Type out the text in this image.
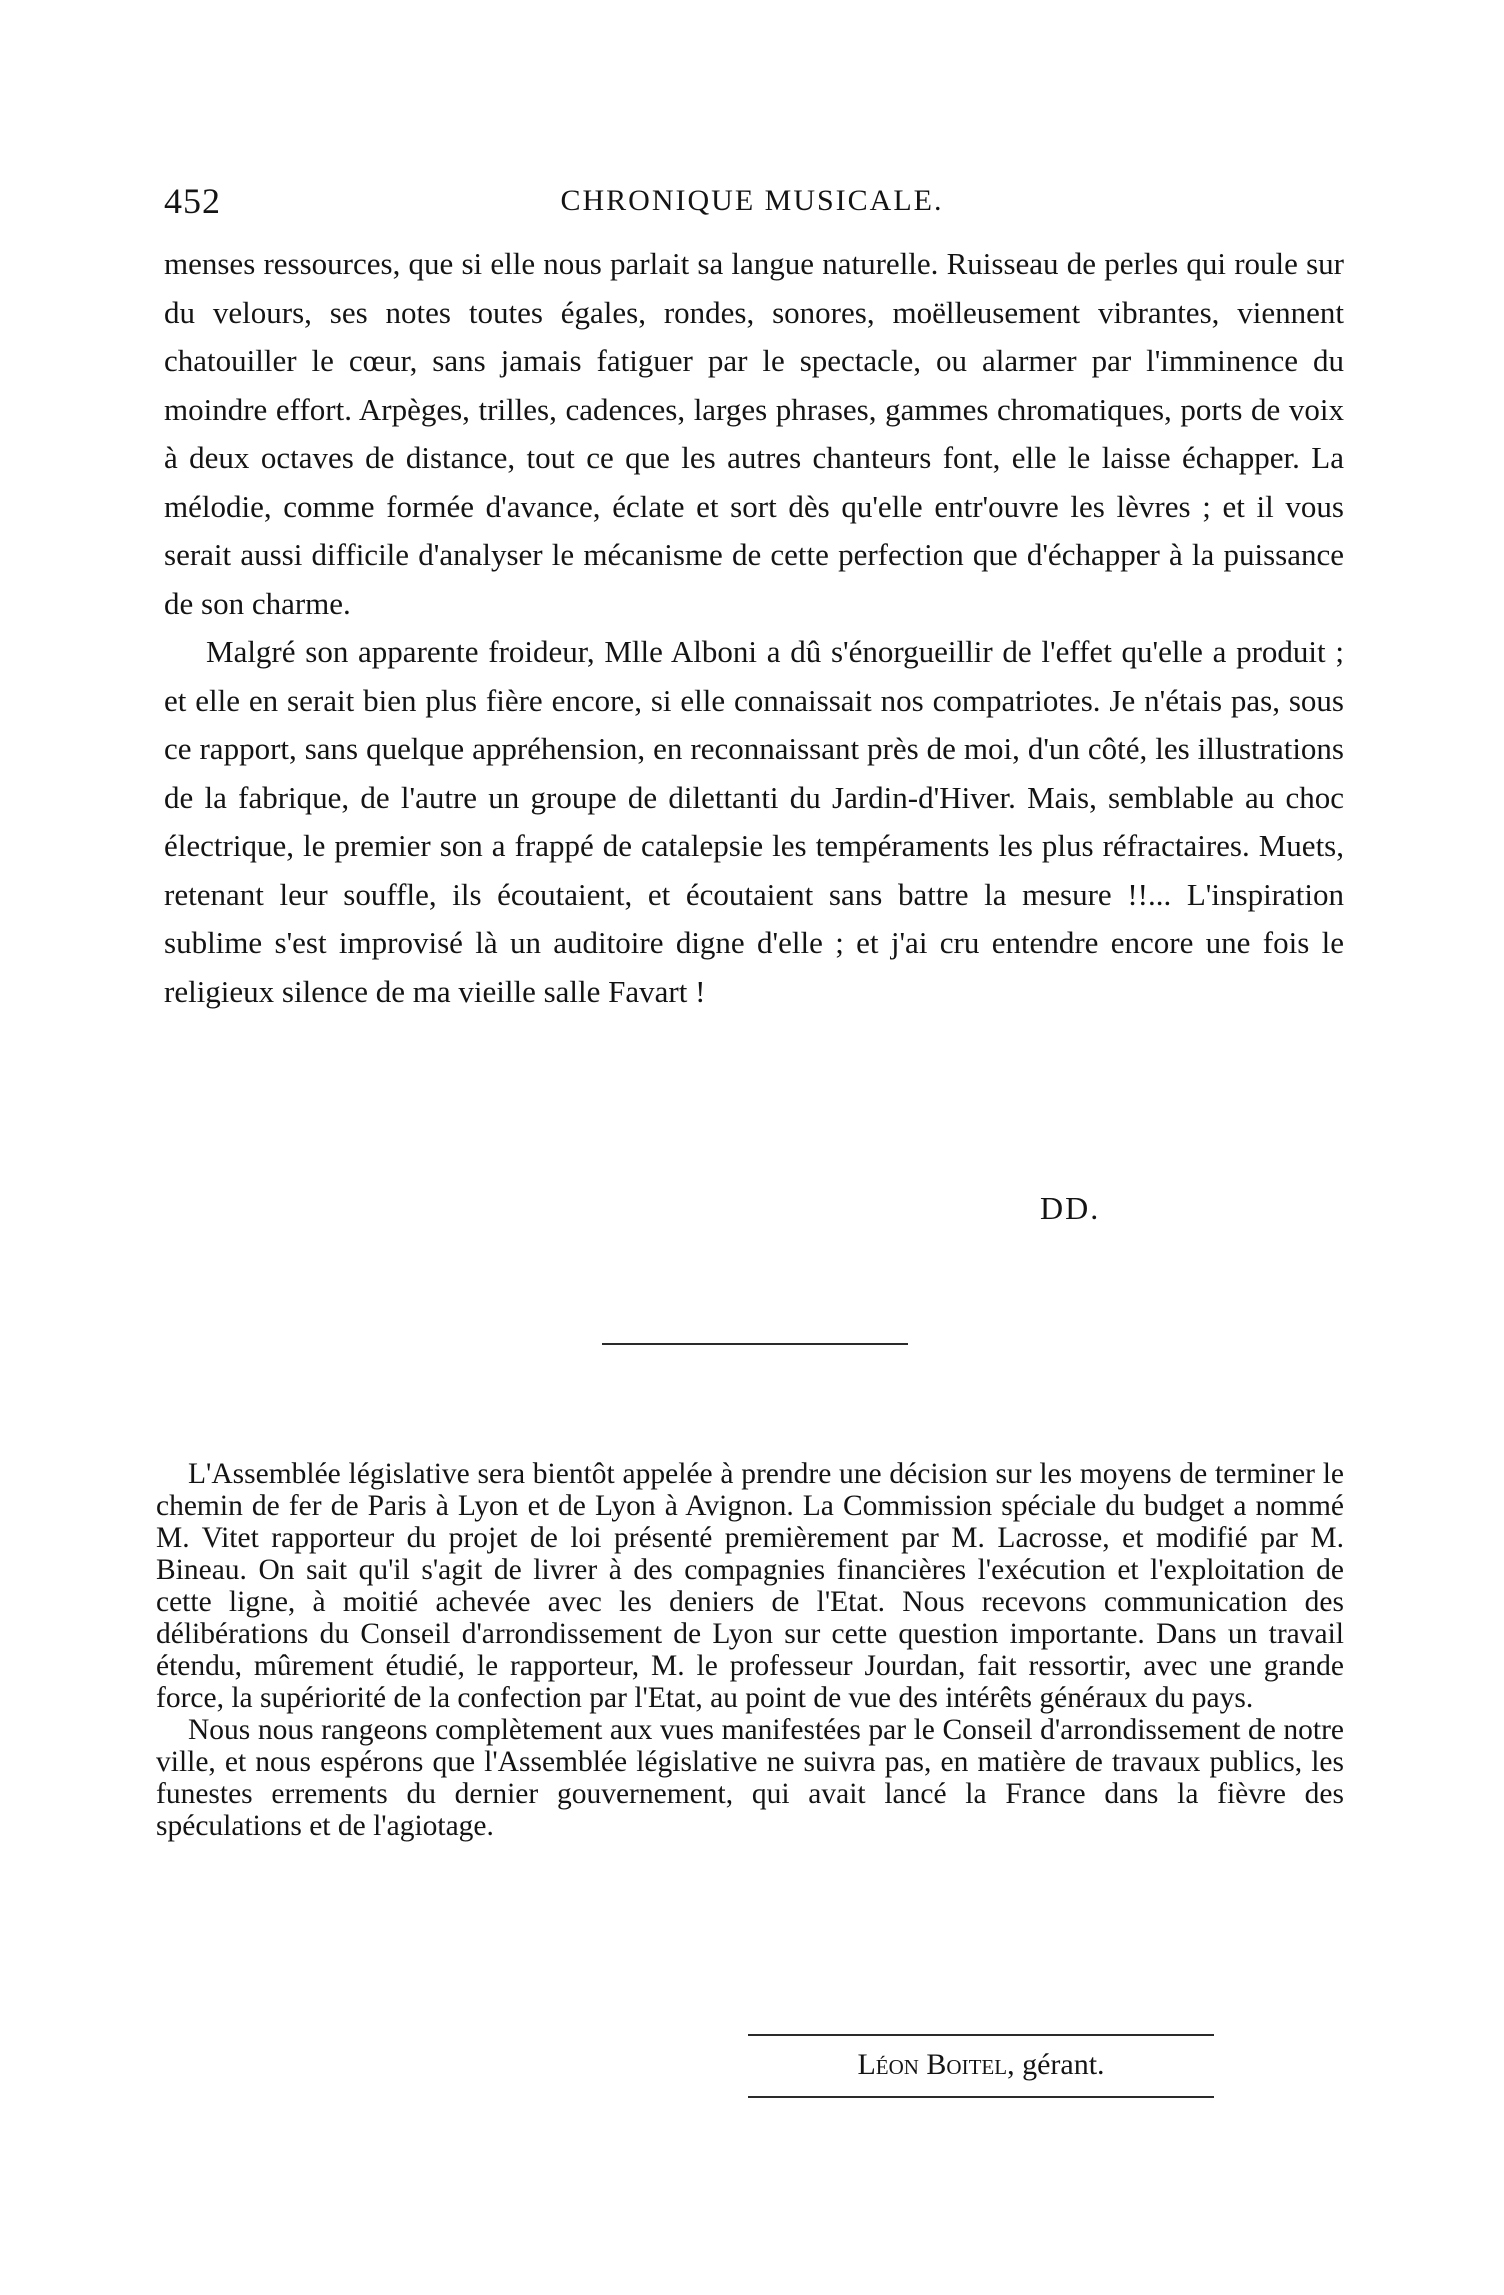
452	CHRONIQUE MUSICALE.

menses ressources, que si elle nous parlait sa langue naturelle. Ruisseau de perles qui roule sur du velours, ses notes toutes égales, rondes, sonores, moëlleusement vibrantes, viennent chatouiller le cœur, sans jamais fatiguer par le spectacle, ou alarmer par l'imminence du moindre effort. Arpèges, trilles, cadences, larges phrases, gammes chromatiques, ports de voix à deux octaves de distance, tout ce que les autres chanteurs font, elle le laisse échapper. La mélodie, comme formée d'avance, éclate et sort dès qu'elle entr'ouvre les lèvres ; et il vous serait aussi difficile d'analyser le mécanisme de cette perfection que d'échapper à la puissance de son charme.

Malgré son apparente froideur, Mlle Alboni a dû s'énorgueillir de l'effet qu'elle a produit ; et elle en serait bien plus fière encore, si elle connaissait nos compatriotes. Je n'étais pas, sous ce rapport, sans quelque appréhension, en reconnaissant près de moi, d'un côté, les illustrations de la fabrique, de l'autre un groupe de dilettanti du Jardin-d'Hiver. Mais, semblable au choc électrique, le premier son a frappé de catalepsie les tempéraments les plus réfractaires. Muets, retenant leur souffle, ils écoutaient, et écoutaient sans battre la mesure !!... L'inspiration sublime s'est improvisé là un auditoire digne d'elle ; et j'ai cru entendre encore une fois le religieux silence de ma vieille salle Favart !

DD.

L'Assemblée législative sera bientôt appelée à prendre une décision sur les moyens de terminer le chemin de fer de Paris à Lyon et de Lyon à Avignon. La Commission spéciale du budget a nommé M. Vitet rapporteur du projet de loi présenté premièrement par M. Lacrosse, et modifié par M. Bineau. On sait qu'il s'agit de livrer à des compagnies financières l'exécution et l'exploitation de cette ligne, à moitié achevée avec les deniers de l'Etat. Nous recevons communication des délibérations du Conseil d'arrondissement de Lyon sur cette question importante. Dans un travail étendu, mûrement étudié, le rapporteur, M. le professeur Jourdan, fait ressortir, avec une grande force, la supériorité de la confection par l'Etat, au point de vue des intérêts généraux du pays.

Nous nous rangeons complètement aux vues manifestées par le Conseil d'arrondissement de notre ville, et nous espérons que l'Assemblée législative ne suivra pas, en matière de travaux publics, les funestes errements du dernier gouvernement, qui avait lancé la France dans la fièvre des spéculations et de l'agiotage.

Léon Boitel, gérant.
